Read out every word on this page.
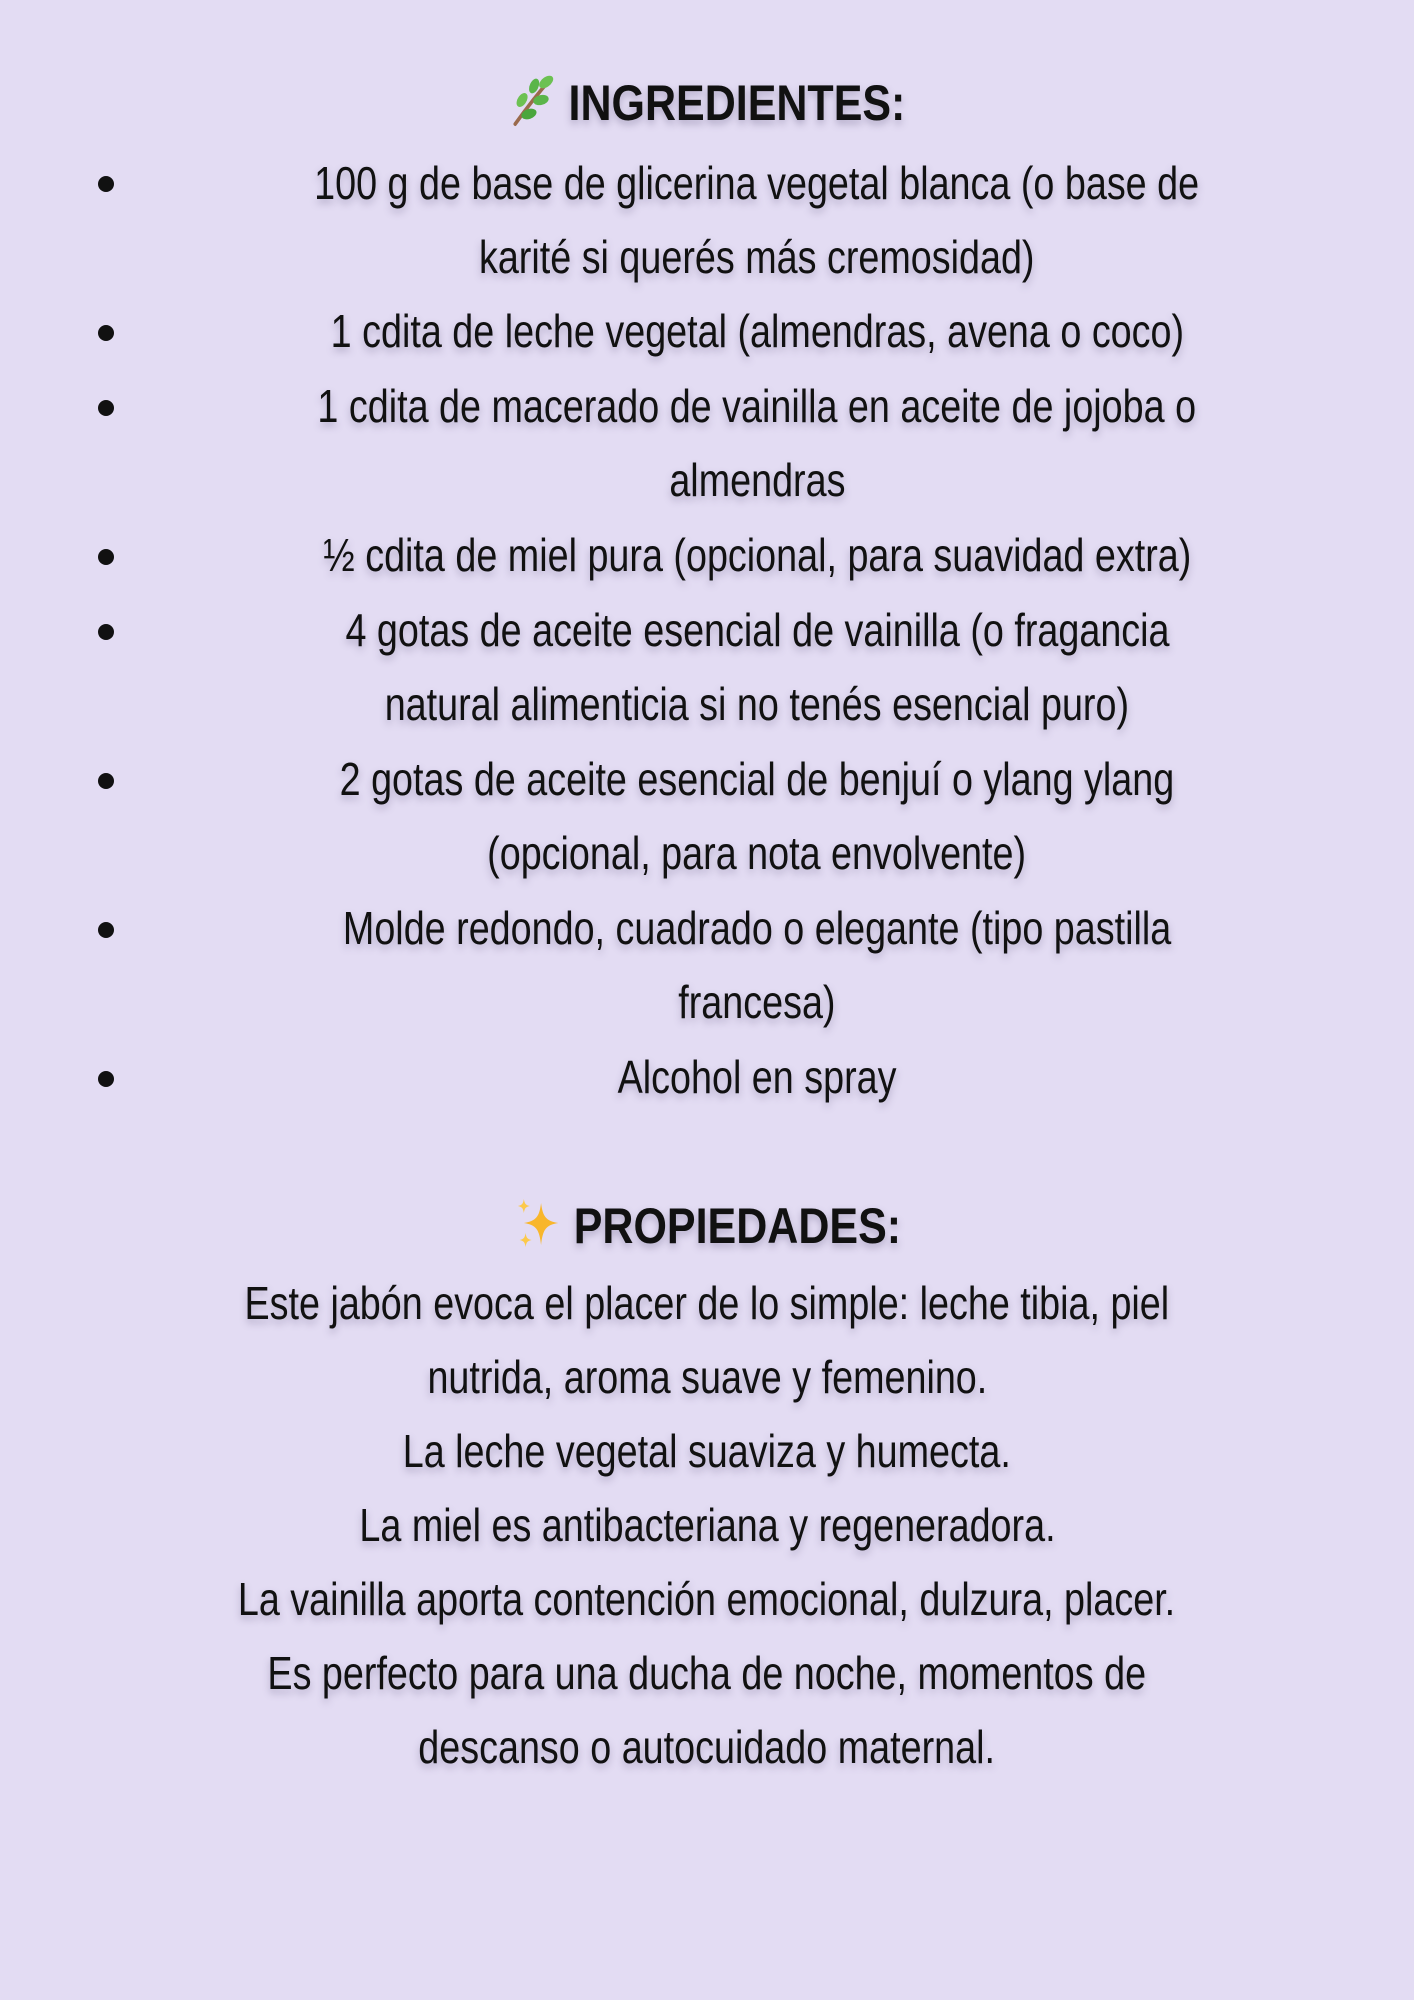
INGREDIENTES:
100 g de base de glicerina vegetal blanca (o base de
karité si querés más cremosidad)
1 cdita de leche vegetal (almendras, avena o coco)
1 cdita de macerado de vainilla en aceite de jojoba o
almendras
½ cdita de miel pura (opcional, para suavidad extra)
4 gotas de aceite esencial de vainilla (o fragancia
natural alimenticia si no tenés esencial puro)
2 gotas de aceite esencial de benjuí o ylang ylang
(opcional, para nota envolvente)
Molde redondo, cuadrado o elegante (tipo pastilla
francesa)
Alcohol en spray
PROPIEDADES:
Este jabón evoca el placer de lo simple: leche tibia, piel
nutrida, aroma suave y femenino.
La leche vegetal suaviza y humecta.
La miel es antibacteriana y regeneradora.
La vainilla aporta contención emocional, dulzura, placer.
Es perfecto para una ducha de noche, momentos de
descanso o autocuidado maternal.
